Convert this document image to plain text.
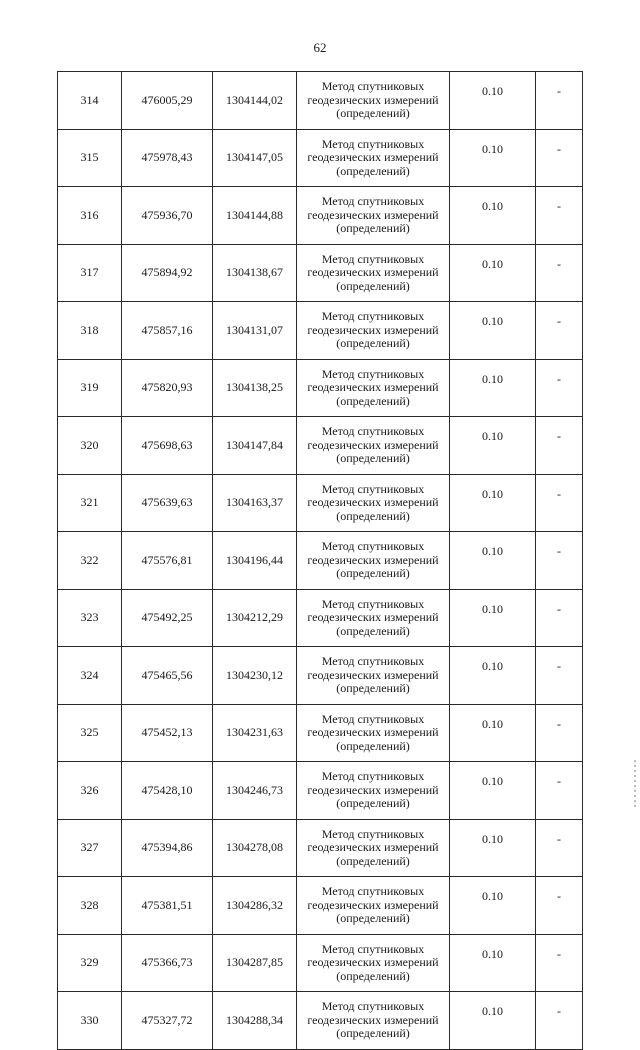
62
314	476005,29	1304144,02	Метод спутниковых
геодезических измерений
(определений)	0.10	-
315	475978,43	1304147,05	Метод спутниковых
геодезических измерений
(определений)	0.10	-
316	475936,70	1304144,88	Метод спутниковых
геодезических измерений
(определений)	0.10	-
317	475894,92	1304138,67	Метод спутниковых
геодезических измерений
(определений)	0.10	-
318	475857,16	1304131,07	Метод спутниковых
геодезических измерений
(определений)	0.10	-
319	475820,93	1304138,25	Метод спутниковых
геодезических измерений
(определений)	0.10	-
320	475698,63	1304147,84	Метод спутниковых
геодезических измерений
(определений)	0.10	-
321	475639,63	1304163,37	Метод спутниковых
геодезических измерений
(определений)	0.10	-
322	475576,81	1304196,44	Метод спутниковых
геодезических измерений
(определений)	0.10	-
323	475492,25	1304212,29	Метод спутниковых
геодезических измерений
(определений)	0.10	-
324	475465,56	1304230,12	Метод спутниковых
геодезических измерений
(определений)	0.10	-
325	475452,13	1304231,63	Метод спутниковых
геодезических измерений
(определений)	0.10	-
326	475428,10	1304246,73	Метод спутниковых
геодезических измерений
(определений)	0.10	-
327	475394,86	1304278,08	Метод спутниковых
геодезических измерений
(определений)	0.10	-
328	475381,51	1304286,32	Метод спутниковых
геодезических измерений
(определений)	0.10	-
329	475366,73	1304287,85	Метод спутниковых
геодезических измерений
(определений)	0.10	-
330	475327,72	1304288,34	Метод спутниковых
геодезических измерений
(определений)	0.10	-
